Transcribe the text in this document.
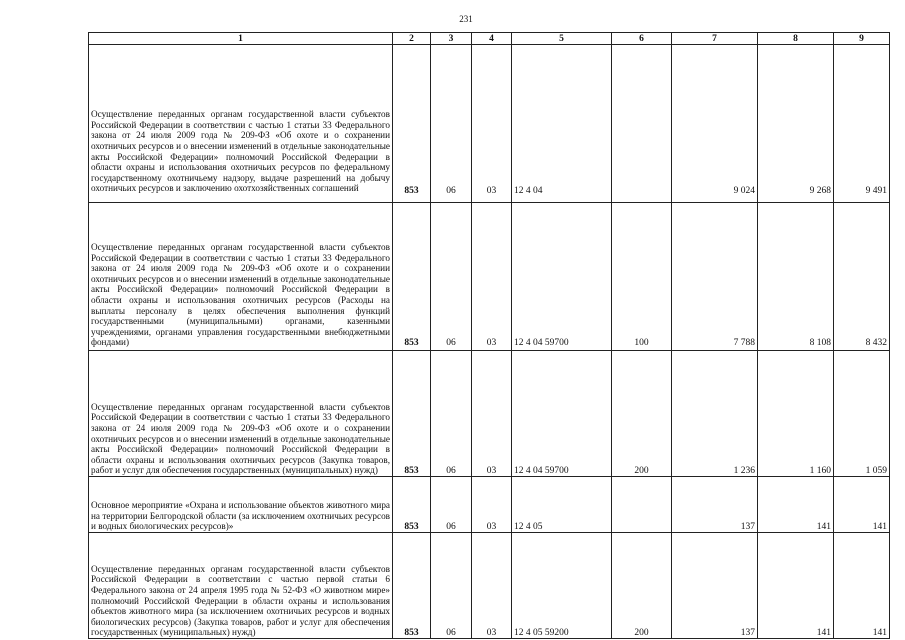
231
1	2	3	4	5	6	7	8	9
Осуществление переданных органам государственной власти субъектов Российской Федерации в соответствии с частью 1 статьи 33 Федерального закона от 24 июля 2009 года № 209-ФЗ «Об охоте и о сохранении охотничьих ресурсов и о внесении изменений в отдельные законодательные акты Российской Федерации» полномочий Российской Федерации в области охраны и использования охотничьих ресурсов по федеральному государственному охотничьему надзору, выдаче разрешений на добычу охотничьих ресурсов и заключению охотхозяйственных соглашений	853	06	03	12 4 04		9 024	9 268	9 491
Осуществление переданных органам государственной власти субъектов Российской Федерации в соответствии с частью 1 статьи 33 Федерального закона от 24 июля 2009 года № 209-ФЗ «Об охоте и о сохранении охотничьих ресурсов и о внесении изменений в отдельные законодательные акты Российской Федерации» полномочий Российской Федерации в области охраны и использования охотничьих ресурсов (Расходы на выплаты персоналу в целях обеспечения выполнения функций государственными (муниципальными) органами, казенными учреждениями, органами управления государственными внебюджетными фондами)	853	06	03	12 4 04 59700	100	7 788	8 108	8 432
Осуществление переданных органам государственной власти субъектов Российской Федерации в соответствии с частью 1 статьи 33 Федерального закона от 24 июля 2009 года № 209-ФЗ «Об охоте и о сохранении охотничьих ресурсов и о внесении изменений в отдельные законодательные акты Российской Федерации» полномочий Российской Федерации в области охраны и использования охотничьих ресурсов (Закупка товаров, работ и услуг для обеспечения государственных (муниципальных) нужд)	853	06	03	12 4 04 59700	200	1 236	1 160	1 059
Основное мероприятие «Охрана и использование объектов животного мира на территории Белгородской области (за исключением охотничьих ресурсов и водных биологических ресурсов)»	853	06	03	12 4 05		137	141	141
Осуществление переданных органам государственной власти субъектов Российской Федерации в соответствии с частью первой статьи 6 Федерального закона от 24 апреля 1995 года № 52-ФЗ «О животном мире» полномочий Российской Федерации в области охраны и использования объектов животного мира (за исключением охотничьих ресурсов и водных биологических ресурсов) (Закупка товаров, работ и услуг для обеспечения государственных (муниципальных) нужд)	853	06	03	12 4 05 59200	200	137	141	141
